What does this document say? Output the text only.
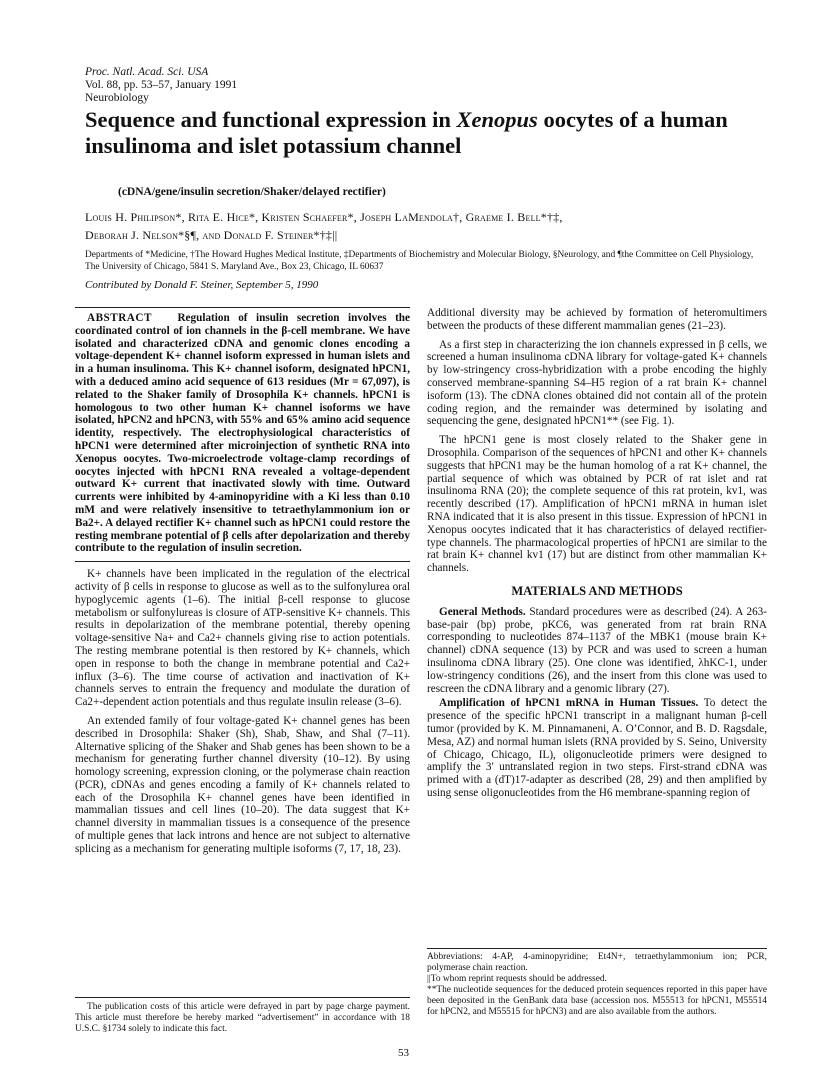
Proc. Natl. Acad. Sci. USA
Vol. 88, pp. 53–57, January 1991
Neurobiology
Sequence and functional expression in Xenopus oocytes of a human insulinoma and islet potassium channel
(cDNA/gene/insulin secretion/Shaker/delayed rectifier)
Louis H. Philipson*, Rita E. Hice*, Kristen Schaefer*, Joseph LaMendola†, Graeme I. Bell*†‡,
Deborah J. Nelson*§¶, and Donald F. Steiner*†‡||
Departments of *Medicine, †The Howard Hughes Medical Institute, ‡Departments of Biochemistry and Molecular Biology, §Neurology, and ¶the Committee on Cell Physiology, The University of Chicago, 5841 S. Maryland Ave., Box 23, Chicago, IL 60637
Contributed by Donald F. Steiner, September 5, 1990

ABSTRACT Regulation of insulin secretion involves the coordinated control of ion channels in the β-cell membrane. We have isolated and characterized cDNA and genomic clones encoding a voltage-dependent K+ channel isoform expressed in human islets and in a human insulinoma. This K+ channel isoform, designated hPCN1, with a deduced amino acid sequence of 613 residues (Mr = 67,097), is related to the Shaker family of Drosophila K+ channels. hPCN1 is homologous to two other human K+ channel isoforms we have isolated, hPCN2 and hPCN3, with 55% and 65% amino acid sequence identity, respectively. The electrophysiological characteristics of hPCN1 were determined after microinjection of synthetic RNA into Xenopus oocytes. Two-microelectrode voltage-clamp recordings of oocytes injected with hPCN1 RNA revealed a voltage-dependent outward K+ current that inactivated slowly with time. Outward currents were inhibited by 4-aminopyridine with a Ki less than 0.10 mM and were relatively insensitive to tetraethylammonium ion or Ba2+. A delayed rectifier K+ channel such as hPCN1 could restore the resting membrane potential of β cells after depolarization and thereby contribute to the regulation of insulin secretion.

K+ channels have been implicated in the regulation of the electrical activity of β cells in response to glucose as well as to the sulfonylurea oral hypoglycemic agents (1–6). The initial β-cell response to glucose metabolism or sulfonylureas is closure of ATP-sensitive K+ channels. This results in depolarization of the membrane potential, thereby opening voltage-sensitive Na+ and Ca2+ channels giving rise to action potentials. The resting membrane potential is then restored by K+ channels, which open in response to both the change in membrane potential and Ca2+ influx (3–6). The time course of activation and inactivation of K+ channels serves to entrain the frequency and modulate the duration of Ca2+-dependent action potentials and thus regulate insulin release (3–6).

An extended family of four voltage-gated K+ channel genes has been described in Drosophila: Shaker (Sh), Shab, Shaw, and Shal (7–11). Alternative splicing of the Shaker and Shab genes has been shown to be a mechanism for generating further channel diversity (10–12). By using homology screening, expression cloning, or the polymerase chain reaction (PCR), cDNAs and genes encoding a family of K+ channels related to each of the Drosophila K+ channel genes have been identified in mammalian tissues and cell lines (10–20). The data suggest that K+ channel diversity in mammalian tissues is a consequence of the presence of multiple genes that lack introns and hence are not subject to alternative splicing as a mechanism for generating multiple isoforms (7, 17, 18, 23).

The publication costs of this article were defrayed in part by page charge payment. This article must therefore be hereby marked “advertisement” in accordance with 18 U.S.C. §1734 solely to indicate this fact.

Additional diversity may be achieved by formation of heteromultimers between the products of these different mammalian genes (21–23).

As a first step in characterizing the ion channels expressed in β cells, we screened a human insulinoma cDNA library for voltage-gated K+ channels by low-stringency cross-hybridization with a probe encoding the highly conserved membrane-spanning S4–H5 region of a rat brain K+ channel isoform (13). The cDNA clones obtained did not contain all of the protein coding region, and the remainder was determined by isolating and sequencing the gene, designated hPCN1** (see Fig. 1).

The hPCN1 gene is most closely related to the Shaker gene in Drosophila. Comparison of the sequences of hPCN1 and other K+ channels suggests that hPCN1 may be the human homolog of a rat K+ channel, the partial sequence of which was obtained by PCR of rat islet and rat insulinoma RNA (20); the complete sequence of this rat protein, kv1, was recently described (17). Amplification of hPCN1 mRNA in human islet RNA indicated that it is also present in this tissue. Expression of hPCN1 in Xenopus oocytes indicated that it has characteristics of delayed rectifier-type channels. The pharmacological properties of hPCN1 are similar to the rat brain K+ channel kv1 (17) but are distinct from other mammalian K+ channels.

MATERIALS AND METHODS

General Methods. Standard procedures were as described (24). A 263-base-pair (bp) probe, pKC6, was generated from rat brain RNA corresponding to nucleotides 874–1137 of the MBK1 (mouse brain K+ channel) cDNA sequence (13) by PCR and was used to screen a human insulinoma cDNA library (25). One clone was identified, λhKC-1, under low-stringency conditions (26), and the insert from this clone was used to rescreen the cDNA library and a genomic library (27).

Amplification of hPCN1 mRNA in Human Tissues. To detect the presence of the specific hPCN1 transcript in a malignant human β-cell tumor (provided by K. M. Pinnamaneni, A. O’Connor, and B. D. Ragsdale, Mesa, AZ) and normal human islets (RNA provided by S. Seino, University of Chicago, Chicago, IL), oligonucleotide primers were designed to amplify the 3′ untranslated region in two steps. First-strand cDNA was primed with a (dT)17-adapter as described (28, 29) and then amplified by using sense oligonucleotides from the H6 membrane-spanning region of

Abbreviations: 4-AP, 4-aminopyridine; Et4N+, tetraethylammonium ion; PCR, polymerase chain reaction.

||To whom reprint requests should be addressed.

**The nucleotide sequences for the deduced protein sequences reported in this paper have been deposited in the GenBank data base (accession nos. M55513 for hPCN1, M55514 for hPCN2, and M55515 for hPCN3) and are also available from the authors.

53
